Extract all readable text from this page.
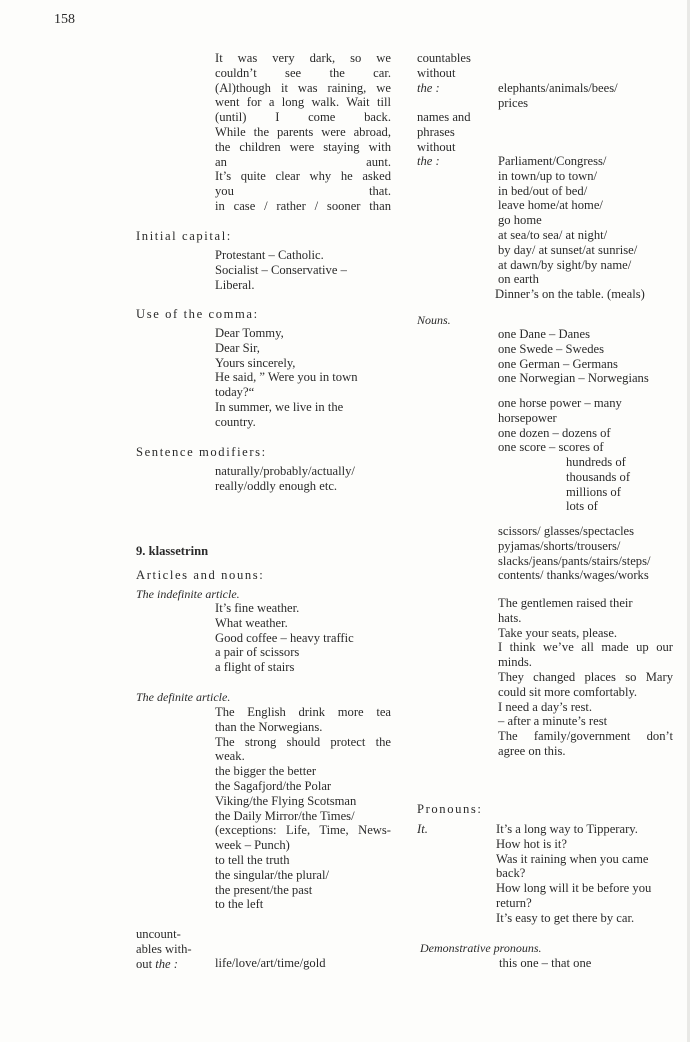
158
It was very dark, so we
couldn’t see the car.
(Al)though it was raining, we
went for a long walk. Wait till
(until) I come back.
While the parents were abroad,
the children were staying with
an aunt.
It’s quite clear why he asked
you that.
in case / rather / sooner than
Initial capital:
Protestant – Catholic.
Socialist – Conservative –
Liberal.
Use of the comma:
Dear Tommy,
Dear Sir,
Yours sincerely,
He said, ” Were you in town
today?“
In summer, we live in the
country.
Sentence modifiers:
naturally/probably/actually/
really/oddly enough etc.
9. klassetrinn
Articles and nouns:
The indefinite article.
It’s fine weather.
What weather.
Good coffee – heavy traffic
a pair of scissors
a flight of stairs
The definite article.
The English drink more tea
than the Norwegians.
The strong should protect the
weak.
the bigger the better
the Sagafjord/the Polar
Viking/the Flying Scotsman
the Daily Mirror/the Times/
(exceptions: Life, Time, News-
week – Punch)
to tell the truth
the singular/the plural/
the present/the past
to the left
uncount-
ables with-
out the :	life/love/art/time/gold
countables
without
the :	elephants/animals/bees/
prices
names and
phrases
without
the :	Parliament/Congress/
in town/up to town/
in bed/out of bed/
leave home/at home/
go home
at sea/to sea/ at night/
by day/ at sunset/at sunrise/
at dawn/by sight/by name/
on earth
Dinner’s on the table. (meals)
Nouns.
one Dane – Danes
one Swede – Swedes
one German – Germans
one Norwegian – Norwegians
one horse power – many
horsepower
one dozen – dozens of
one score – scores of
hundreds of
thousands of
millions of
lots of
scissors/ glasses/spectacles
pyjamas/shorts/trousers/
slacks/jeans/pants/stairs/steps/
contents/ thanks/wages/works
The gentlemen raised their
hats.
Take your seats, please.
I think we’ve all made up our
minds.
They changed places so Mary
could sit more comfortably.
I need a day’s rest.
– after a minute’s rest
The family/government don’t
agree on this.
Pronouns:
It.	It’s a long way to Tipperary.
How hot is it?
Was it raining when you came
back?
How long will it be before you
return?
It’s easy to get there by car.
Demonstrative pronouns.
this one – that one
